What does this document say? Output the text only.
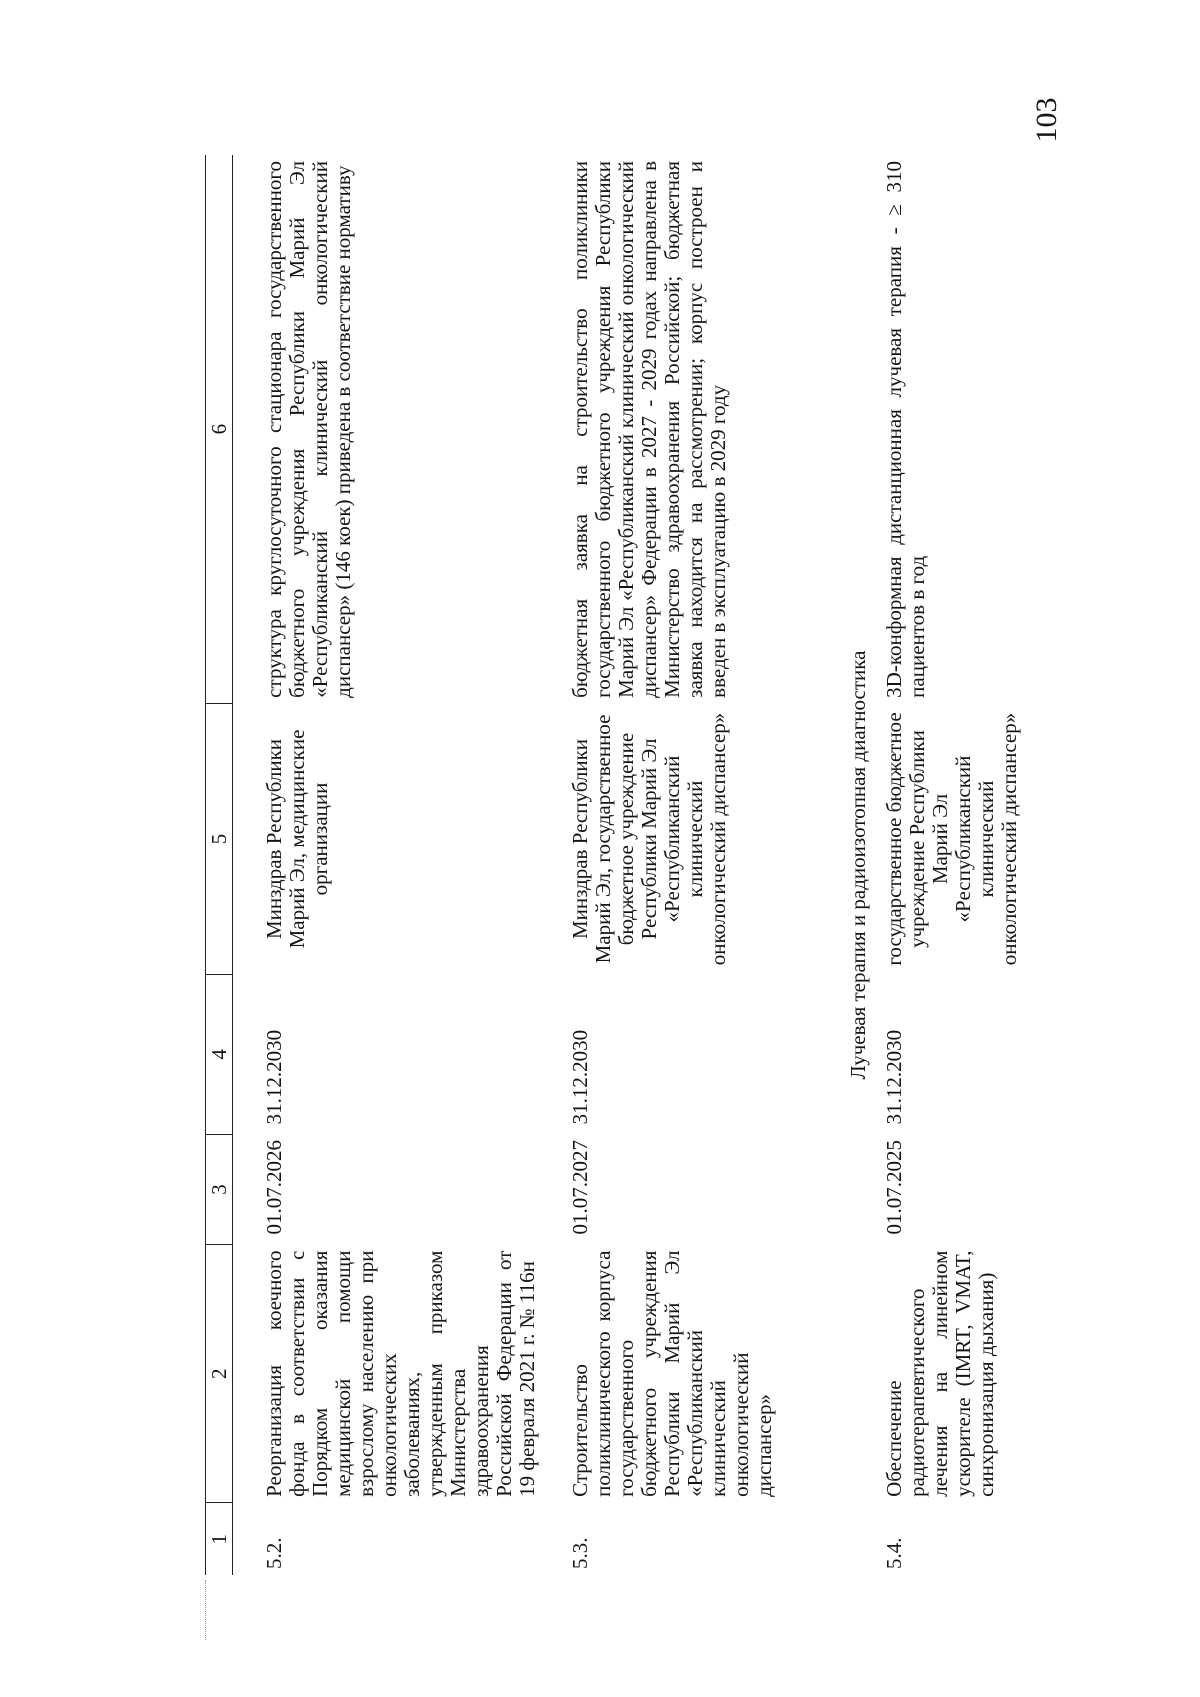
103
1	2	3	4	5	6
5.2.	Реорганизация коечного фонда в соответствии с Порядком оказания медицинской помощи взрослому населению при онкологических заболеваниях, утвержденным приказом Министерства здравоохранения Российской Федерации от 19 февраля 2021 г. № 116н	01.07.2026	31.12.2030	Минздрав Республики Марий Эл, медицинские организации	структура круглосуточного стационара государственного бюджетного учреждения Республики Марий Эл «Республиканский клинический онкологический диспансер» (146 коек) приведена в соответствие нормативу
5.3.	Строительство поликлинического корпуса государственного бюджетного учреждения Республики Марий Эл «Республиканский клинический онкологический диспансер»	01.07.2027	31.12.2030	Минздрав Республики Марий Эл, государственное бюджетное учреждение Республики Марий Эл «Республиканский клинический онкологический диспансер»	бюджетная заявка на строительство поликлиники государственного бюджетного учреждения Республики Марий Эл «Республиканский клинический онкологический диспансер» Федерации в 2027 - 2029 годах направлена в Министерство здравоохранения Российской; бюджетная заявка находится на рассмотрении; корпус построен и введен в эксплуатацию в 2029 году
Лучевая терапия и радиоизотопная диагностика					
5.4.	Обеспечение радиотерапевтического лечения на линейном ускорителе (IMRT, VMAT, синхронизация дыхания)	01.07.2025	31.12.2030	государственное бюджетное учреждение Республики Марий Эл «Республиканский клинический онкологический диспансер»	3D-конформная дистанционная лучевая терапия - ≥ 310 пациентов в год
